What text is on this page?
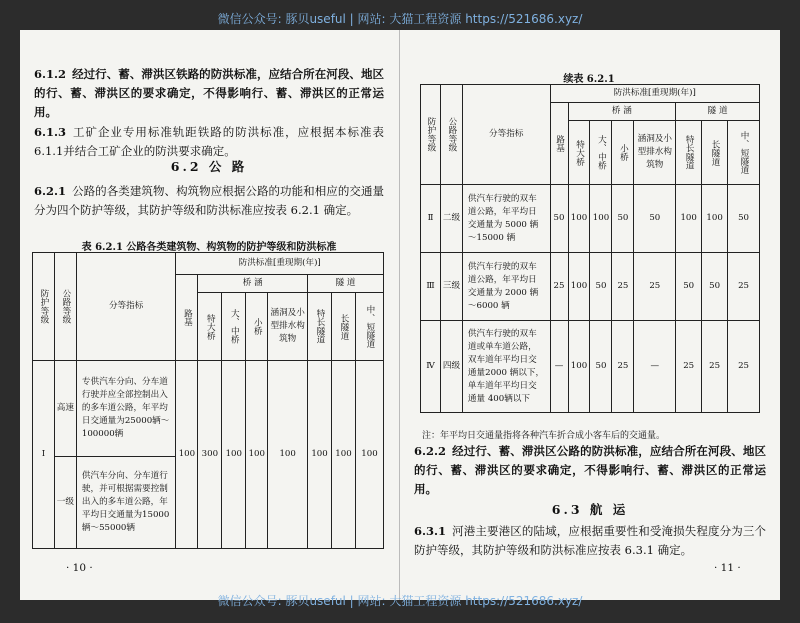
微信公众号: 豚贝useful | 网站: 大猫工程资源 https://521686.xyz/
6.1.2 经过行、蓄、滞洪区铁路的防洪标准，应结合所在河段、地区的行、蓄、滞洪区的要求确定，不得影响行、蓄、滞洪区的正常运用。
6.1.3 工矿企业专用标准轨距铁路的防洪标准，应根据本标准表6.1.1并结合工矿企业的防洪要求确定。
6.2 公 路
6.2.1 公路的各类建筑物、构筑物应根据公路的功能和相应的交通量分为四个防护等级，其防护等级和防洪标准应按表 6.2.1 确定。
表 6.2.1 公路各类建筑物、构筑物的防护等级和防洪标准
防护等级	公路等级	分等指标	防洪标准[重现期(年)]							

			路基	桥 涵				隧 道		

				特大桥	大、中桥	小桥	涵洞及小型排水构筑物	特长隧道	长隧道	中、短隧道

Ⅰ	高速	专供汽车分向、分车道行驶并应全部控制出入的多车道公路，年平均日交通量为25000辆～100000辆	100	300	100	100	100	100	100	100
	一级	供汽车分向、分车道行驶，并可根据需要控制出入的多车道公路，年平均日交通量为15000辆～55000辆								
· 10 ·
续表 6.2.1
防护等级	公路等级	分等指标	防洪标准[重现期(年)]							

			路基	桥 涵				隧 道		

				特大桥	大、中桥	小桥	涵洞及小型排水构筑物	特长隧道	长隧道	中、短隧道

Ⅱ	二级	供汽车行驶的双车道公路，年平均日交通量为 5000 辆～15000 辆	50	100	100	50	50	100	100	50
Ⅲ	三级	供汽车行驶的双车道公路，年平均日交通量为 2000 辆～6000 辆	25	100	50	25	25	50	50	25
Ⅳ	四级	供汽车行驶的双车道或单车道公路，双车道年平均日交通量2000 辆以下，单车道年平均日交通量 400辆以下	—	100	50	25	—	25	25	25
注：年平均日交通量指将各种汽车折合成小客车后的交通量。
6.2.2 经过行、蓄、滞洪区公路的防洪标准，应结合所在河段、地区的行、蓄、滞洪区的要求确定，不得影响行、蓄、滞洪区的正常运用。
6.3 航 运
6.3.1 河港主要港区的陆域，应根据重要性和受淹损失程度分为三个防护等级，其防护等级和防洪标准应按表 6.3.1 确定。
· 11 ·
微信公众号: 豚贝useful | 网站: 大猫工程资源 https://521686.xyz/
